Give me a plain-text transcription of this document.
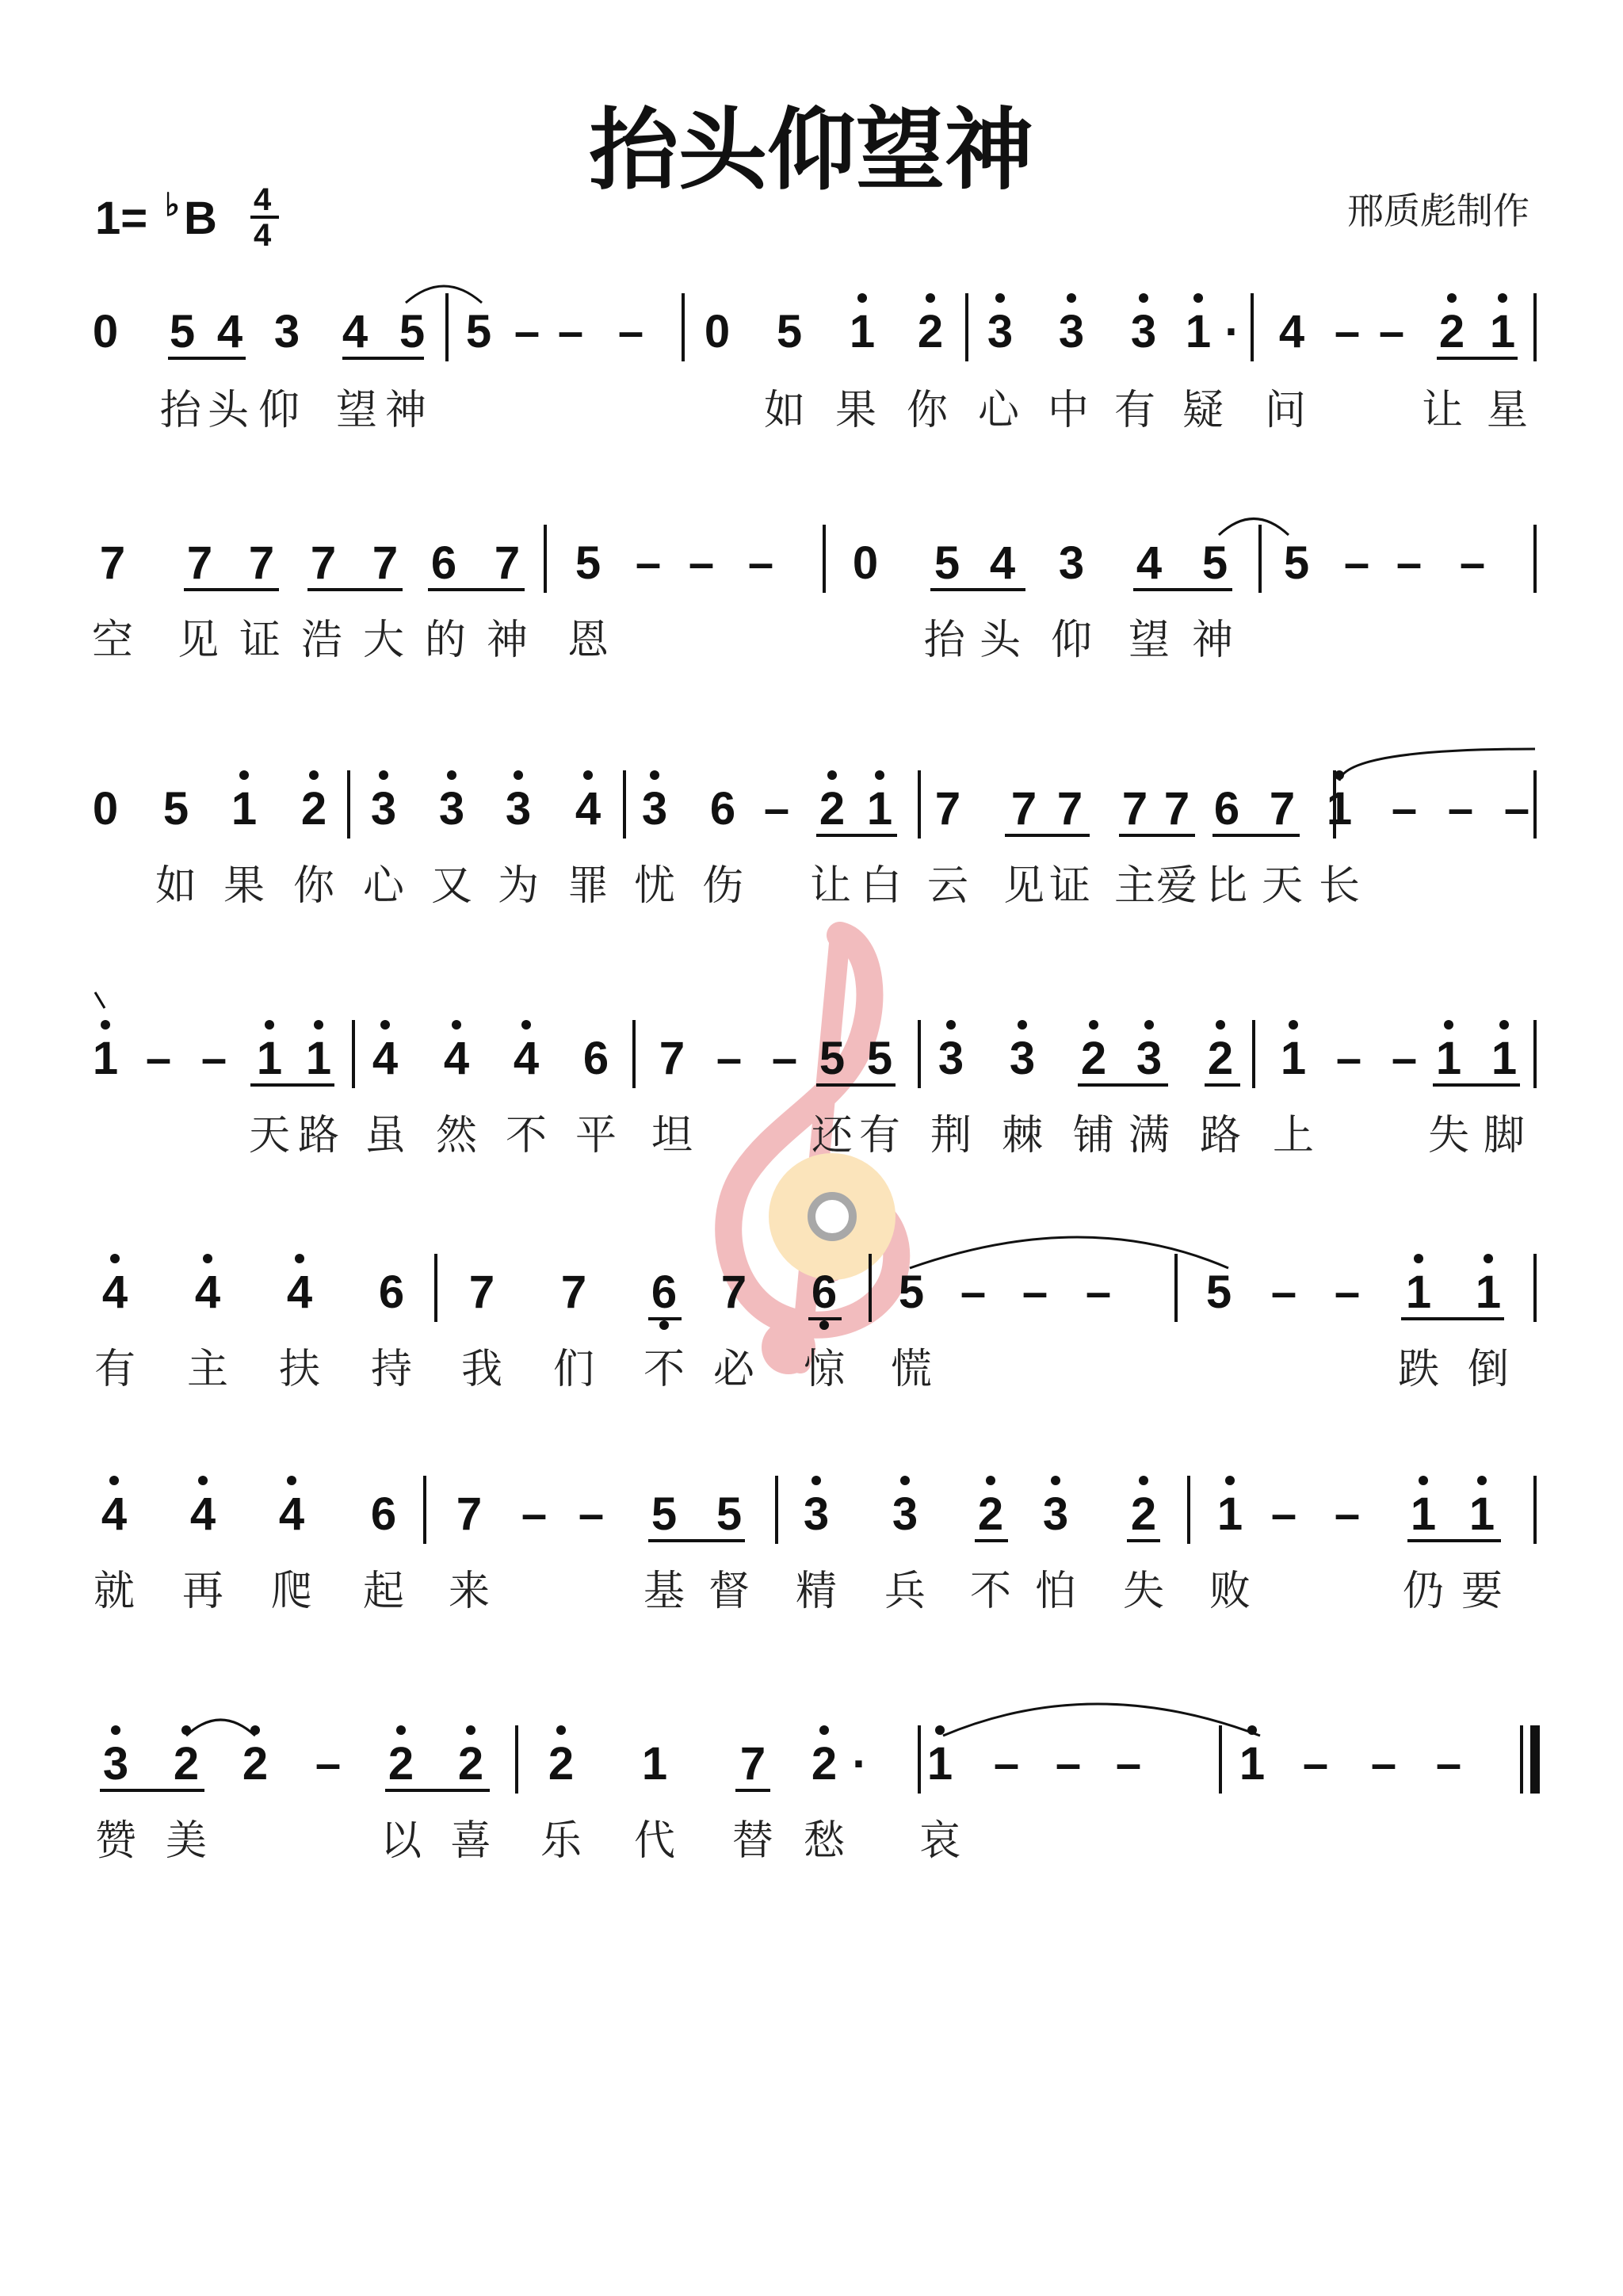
抬头仰望神
1= ♭ B 4
4
邢质彪制作
0 5 4 3 4 5 5 – – – 0 5 1 2 3 3 3 1 · 4 – – 2 1
抬 头 仰 望 神	如 果 你 心 中 有 疑 问	让 星
7 7 7 7 7 6 7 5 – – – 0 5 4 3 4 5 5 – – –
空 见 证 浩 大 的 神 恩	抬 头 仰 望 神
0 5 1 2 3 3 3 4 3 6 – 2 1 7 7 7 7 7 6 7 1 – – –
如 果 你 心 又 为 罪 忧 伤 让 白 云 见 证 主 爱 比 天 长
1 – – 1 1 4 4 4 6 7 – – 5 5 3 3 2 3 2 1 – – 1 1
天 路 虽 然 不 平 坦	还 有 荆 棘 铺 满 路 上	失 脚
4 4 4 6 7 7 6 7 6 5 – – – 5 – – 1 1
有 主 扶 持 我 们 不 必 惊 慌	跌 倒
4 4 4 6 7 – – 5 5 3 3 2 3 2 1 – – 1 1
就 再 爬 起 来	基 督 精 兵 不 怕 失 败	仍 要
3 2 2 – 2 2 2 1 7 2 · 1 – – – 1 – – –
赞 美	以 喜 乐 代 替 愁 哀
